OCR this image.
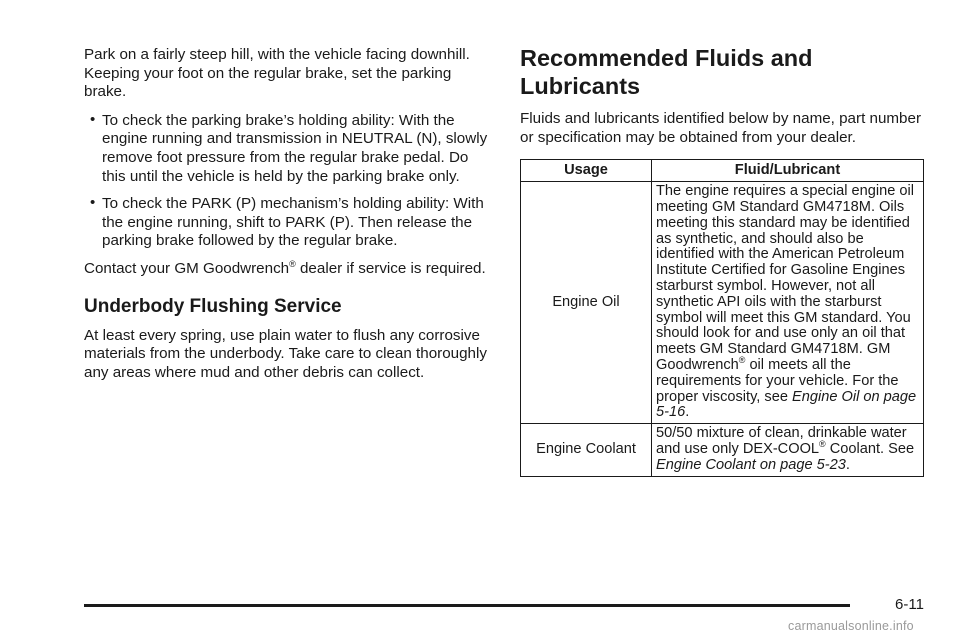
Park on a fairly steep hill, with the vehicle facing downhill. Keeping your foot on the regular brake, set the parking brake.

• To check the parking brake’s holding ability: With the engine running and transmission in NEUTRAL (N), slowly remove foot pressure from the regular brake pedal. Do this until the vehicle is held by the parking brake only.
• To check the PARK (P) mechanism’s holding ability: With the engine running, shift to PARK (P). Then release the parking brake followed by the regular brake.

Contact your GM Goodwrench® dealer if service is required.

Underbody Flushing Service

At least every spring, use plain water to flush any corrosive materials from the underbody. Take care to clean thoroughly any areas where mud and other debris can collect.

Recommended Fluids and Lubricants

Fluids and lubricants identified below by name, part number or specification may be obtained from your dealer.

Usage	Fluid/Lubricant
Engine Oil	The engine requires a special engine oil meeting GM Standard GM4718M. Oils meeting this standard may be identified as synthetic, and should also be identified with the American Petroleum Institute Certified for Gasoline Engines starburst symbol. However, not all synthetic API oils with the starburst symbol will meet this GM standard. You should look for and use only an oil that meets GM Standard GM4718M. GM Goodwrench® oil meets all the requirements for your vehicle. For the proper viscosity, see Engine Oil on page 5-16.
Engine Coolant	50/50 mixture of clean, drinkable water and use only DEX-COOL® Coolant. See Engine Coolant on page 5-23.
6-11
carmanualsonline.info
